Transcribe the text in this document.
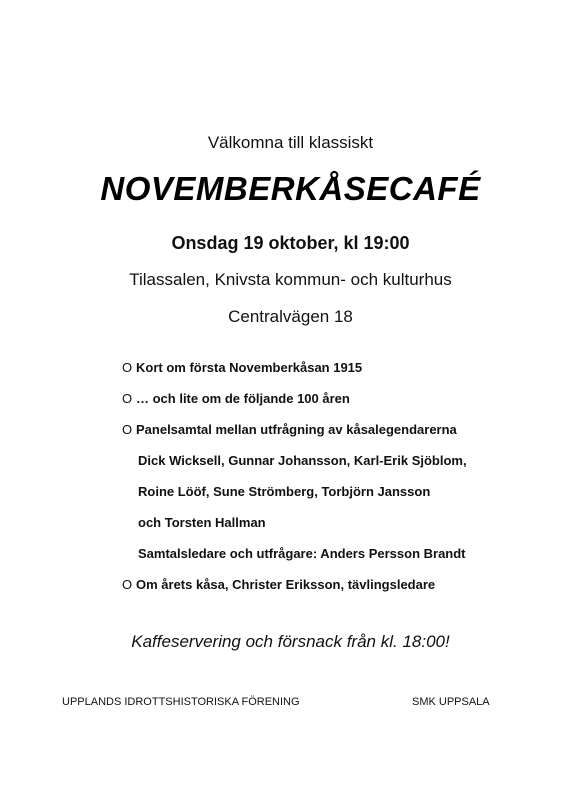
Välkomna till klassiskt
NOVEMBERKÅSECAFÉ
Onsdag 19 oktober, kl 19:00
Tilassalen, Knivsta kommun- och kulturhus
Centralvägen 18
O Kort om första Novemberkåsan 1915
O … och lite om de följande 100 åren
O Panelsamtal mellan utfrågning av kåsalegendarerna
Dick Wicksell, Gunnar Johansson, Karl-Erik Sjöblom,
Roine Lööf, Sune Strömberg, Torbjörn Jansson
och Torsten Hallman
Samtalsledare och utfrågare: Anders Persson Brandt
O Om årets kåsa, Christer Eriksson, tävlingsledare
Kaffeservering och försnack från kl. 18:00!
UPPLANDS IDROTTSHISTORISKA FÖRENING	SMK UPPSALA
